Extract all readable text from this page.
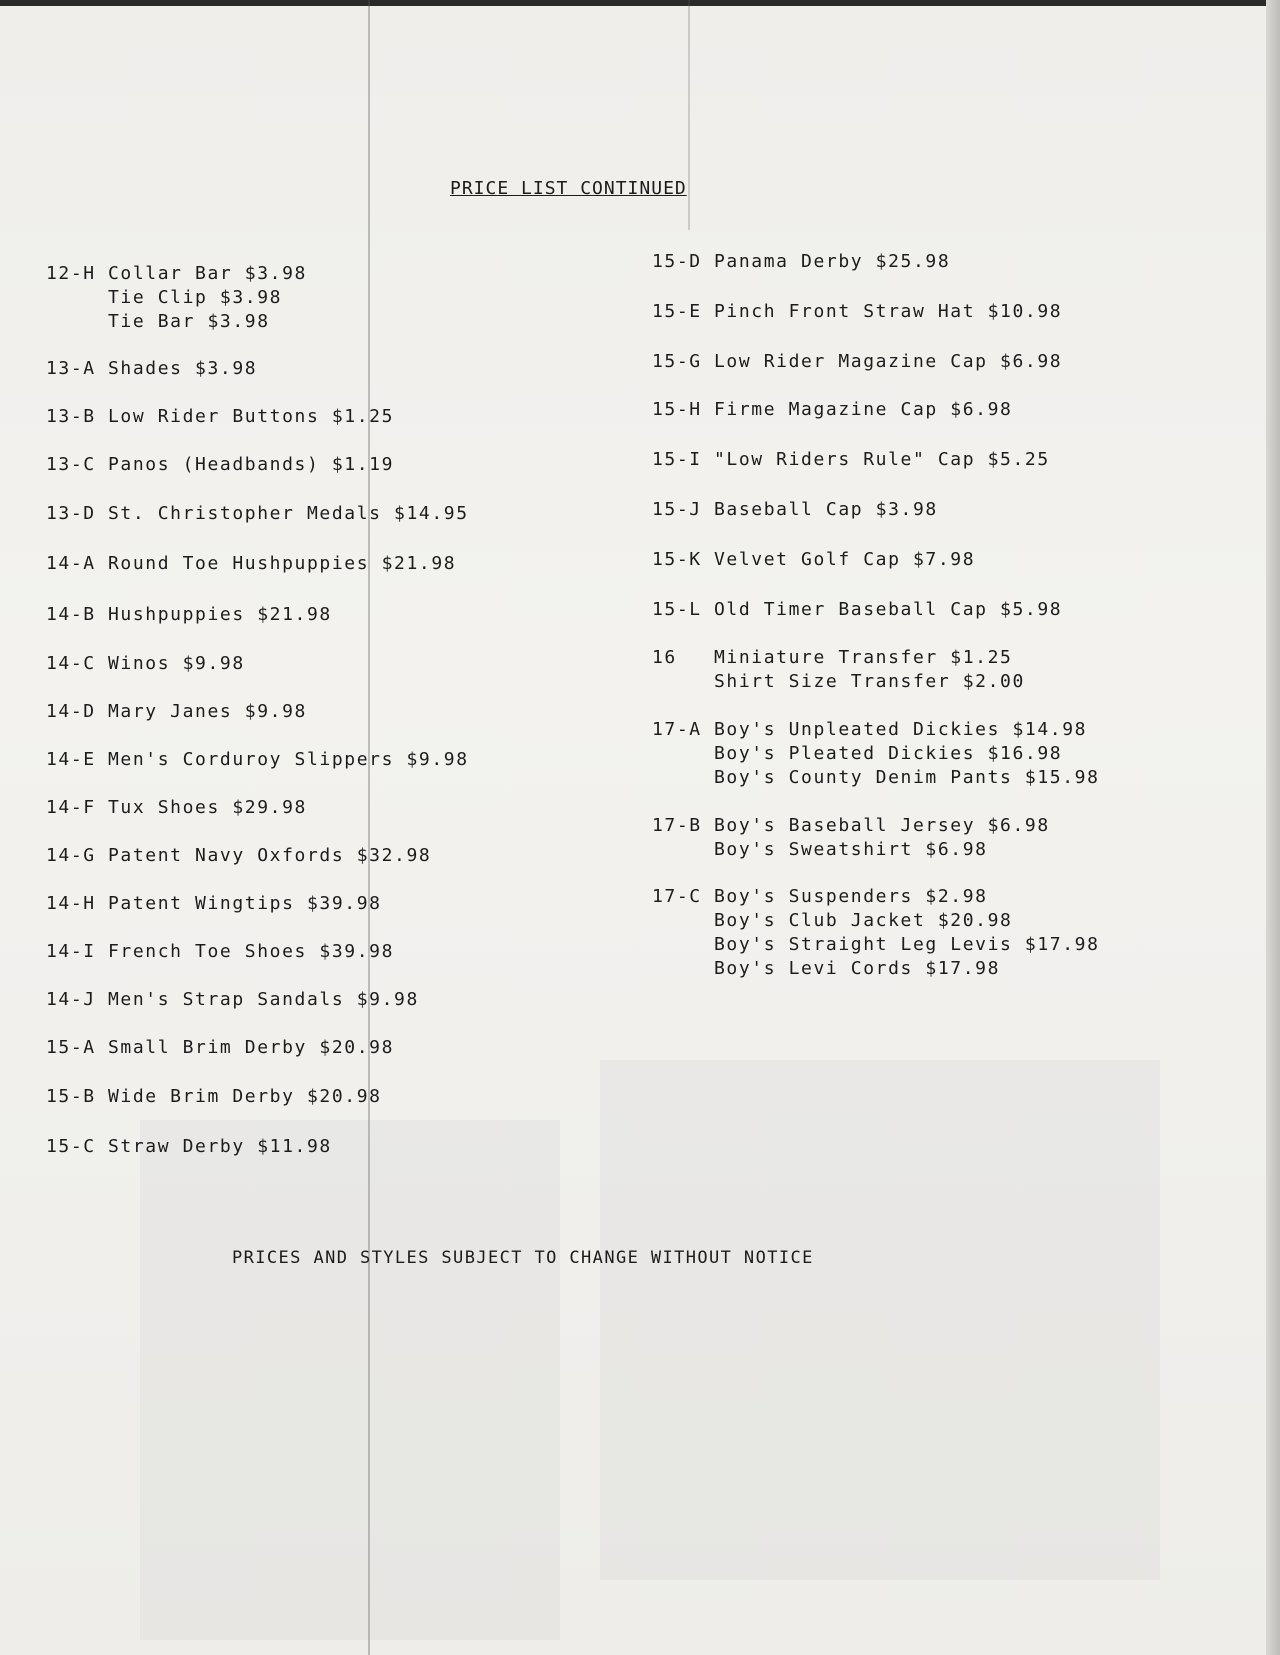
PRICE LIST CONTINUED
12-H Collar Bar $3.98
Tie Clip $3.98
Tie Bar $3.98
13-A Shades $3.98
13-B Low Rider Buttons $1.25
13-C Panos (Headbands) $1.19
13-D St. Christopher Medals $14.95
14-A Round Toe Hushpuppies $21.98
14-B Hushpuppies $21.98
14-C Winos $9.98
14-D Mary Janes $9.98
14-E Men's Corduroy Slippers $9.98
14-F Tux Shoes $29.98
14-G Patent Navy Oxfords $32.98
14-H Patent Wingtips $39.98
14-I French Toe Shoes $39.98
14-J Men's Strap Sandals $9.98
15-A Small Brim Derby $20.98
15-B Wide Brim Derby $20.98
15-C Straw Derby $11.98
15-D Panama Derby $25.98
15-E Pinch Front Straw Hat $10.98
15-G Low Rider Magazine Cap $6.98
15-H Firme Magazine Cap $6.98
15-I "Low Riders Rule" Cap $5.25
15-J Baseball Cap $3.98
15-K Velvet Golf Cap $7.98
15-L Old Timer Baseball Cap $5.98
16 Miniature Transfer $1.25
Shirt Size Transfer $2.00
17-A Boy's Unpleated Dickies $14.98
Boy's Pleated Dickies $16.98
Boy's County Denim Pants $15.98
17-B Boy's Baseball Jersey $6.98
Boy's Sweatshirt $6.98
17-C Boy's Suspenders $2.98
Boy's Club Jacket $20.98
Boy's Straight Leg Levis $17.98
Boy's Levi Cords $17.98
PRICES AND STYLES SUBJECT TO CHANGE WITHOUT NOTICE
